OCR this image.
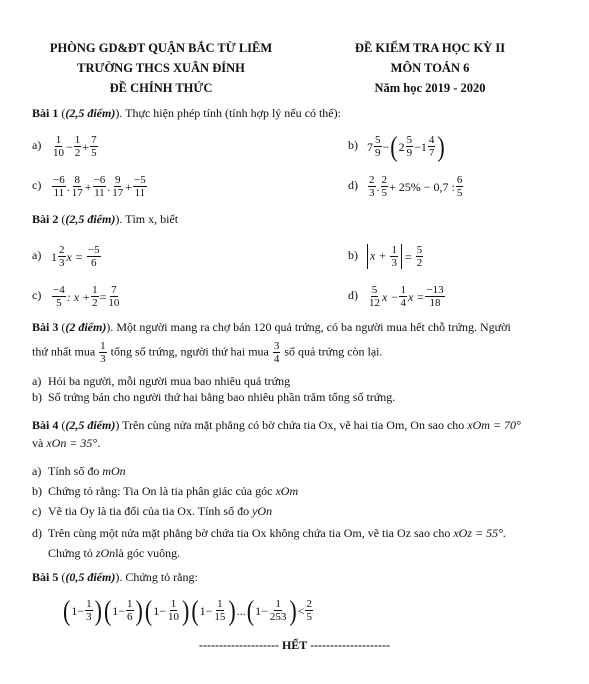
PHÒNG GD&ĐT QUẬN BẮC TỪ LIÊM
TRƯỜNG THCS XUÂN ĐỈNH
ĐỀ CHÍNH THỨC
ĐỀ KIỂM TRA HỌC KỲ II
MÔN TOÁN 6
Năm học 2019 - 2020
Bài 1 ((2,5 điểm)). Thực hiện phép tính (tính hợp lý nếu có thể):
a) 1
$10 - \frac{1}{2} + \frac{7}{5}$	b) 7 5
9 − ( 2 5
9 − 1 4
7 )
c) −6
11 . 8
$17 + \frac{-6}{11}$ . 9
$17 + \frac{-5}{11}$	d) 2
3 . 2
5 + 25% − 0,7 : 6
5
Bài 2 ((2,5 điểm)). Tìm x, biết
a) 1 2
3 x =
$\frac{-5}{6}$	b) $x + \frac{1}{3}$
=
$\frac{5}{2}$
c) −4
5 : $x + \frac{1}{2} = \frac{7}{10}$	d) 5
12 $x - \frac{1}{4}$ $x = \frac{-13}{18}$
Bài 3 ((2 điểm)). Một người mang ra chợ bán 120 quả trứng, có ba người mua hết chỗ trứng. Người
thứ nhất mua $\frac{1}{3}$ tổng số trứng, người thứ hai mua $\frac{3}{4}$ số quả trứng còn lại.
a) Hỏi ba người, mỗi người mua bao nhiêu quả trứng
b) Số trứng bán cho người thứ hai bằng bao nhiêu phần trăm tổng số trứng.
Bài 4 ((2,5 điểm)) Trên cùng nửa mặt phẳng có bờ chứa tia Ox, vẽ hai tia Om, On sao cho xOm = 70°
và xOn = 35°.
a) Tính số đo mOn
b) Chứng tỏ rằng: Tia On là tia phân giác của góc xOm
c) Vẽ tia Oy là tia đối của tia Ox. Tính số đo yOn
d) Trên cùng một nửa mặt phẳng bờ chứa tia Ox không chứa tia Om, vẽ tia Oz sao cho xOz = 55°.
Chứng tỏ zOnlà góc vuông.
Bài 5 ((0,5 điểm)). Chứng tỏ rằng:
( $1 - \frac{1}{3}$ ) ( $1 - \frac{1}{6}$ ) ( $1 - \frac{1}{10}$ ) ( $1 - \frac{1}{15}$ ) ... ( $1 - \frac{1}{253}$ ) < 2
5
-------------------- HẾT --------------------
